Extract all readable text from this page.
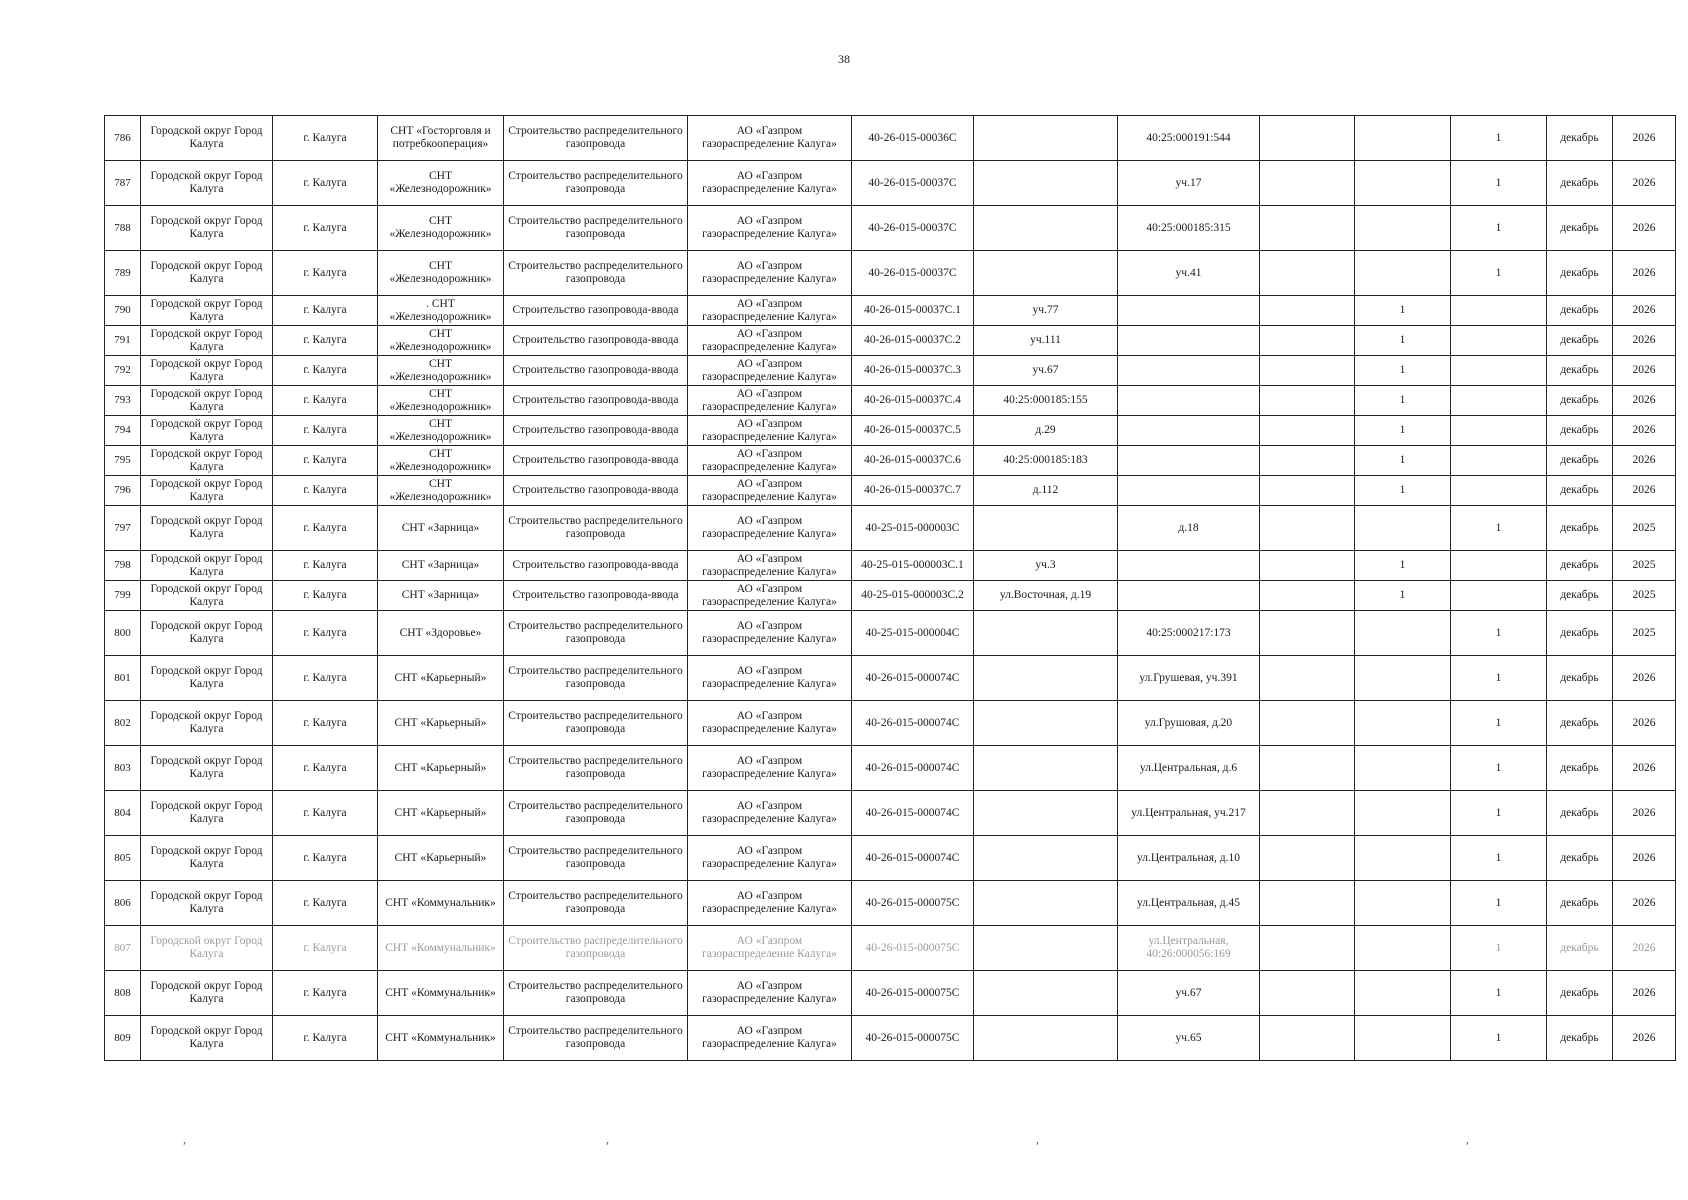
38
786	Городской округ Город Калуга	г. Калуга	СНТ «Госторговля и потребкооперация»	Строительство распределительного газопровода	АО «Газпром газораспределение Калуга»	40-26-015-00036С		40:25:000191:544			1	декабрь	2026	
787	Городской округ Город Калуга	г. Калуга	СНТ «Железнодорожник»	Строительство распределительного газопровода	АО «Газпром газораспределение Калуга»	40-26-015-00037С		уч.17			1	декабрь	2026	
788	Городской округ Город Калуга	г. Калуга	СНТ «Железнодорожник»	Строительство распределительного газопровода	АО «Газпром газораспределение Калуга»	40-26-015-00037С		40:25:000185:315			1	декабрь	2026	
789	Городской округ Город Калуга	г. Калуга	СНТ «Железнодорожник»	Строительство распределительного газопровода	АО «Газпром газораспределение Калуга»	40-26-015-00037С		уч.41			1	декабрь	2026	
790	Городской округ Город Калуга	г. Калуга	. СНТ «Железнодорожник»	Строительство газопровода-ввода	АО «Газпром газораспределение Калуга»	40-26-015-00037С.1	уч.77			1		декабрь	2026	
791	Городской округ Город Калуга	г. Калуга	СНТ «Железнодорожник»	Строительство газопровода-ввода	АО «Газпром газораспределение Калуга»	40-26-015-00037С.2	уч.111			1		декабрь	2026	
792	Городской округ Город Калуга	г. Калуга	СНТ «Железнодорожник»	Строительство газопровода-ввода	АО «Газпром газораспределение Калуга»	40-26-015-00037С.3	уч.67			1		декабрь	2026	
793	Городской округ Город Калуга	г. Калуга	СНТ «Железнодорожник»	Строительство газопровода-ввода	АО «Газпром газораспределение Калуга»	40-26-015-00037С.4	40:25:000185:155			1		декабрь	2026	
794	Городской округ Город Калуга	г. Калуга	СНТ «Железнодорожник»	Строительство газопровода-ввода	АО «Газпром газораспределение Калуга»	40-26-015-00037С.5	д.29			1		декабрь	2026	
795	Городской округ Город Калуга	г. Калуга	СНТ «Железнодорожник»	Строительство газопровода-ввода	АО «Газпром газораспределение Калуга»	40-26-015-00037С.6	40:25:000185:183			1		декабрь	2026	
796	Городской округ Город Калуга	г. Калуга	СНТ «Железнодорожник»	Строительство газопровода-ввода	АО «Газпром газораспределение Калуга»	40-26-015-00037С.7	д.112			1		декабрь	2026	
797	Городской округ Город Калуга	г. Калуга	СНТ «Зарница»	Строительство распределительного газопровода	АО «Газпром газораспределение Калуга»	40-25-015-000003С		д.18			1	декабрь	2025	
798	Городской округ Город Калуга	г. Калуга	СНТ «Зарница»	Строительство газопровода-ввода	АО «Газпром газораспределение Калуга»	40-25-015-000003С.1	уч.3			1		декабрь	2025	
799	Городской округ Город Калуга	г. Калуга	СНТ «Зарница»	Строительство газопровода-ввода	АО «Газпром газораспределение Калуга»	40-25-015-000003С.2	ул.Восточная, д.19			1		декабрь	2025	
800	Городской округ Город Калуга	г. Калуга	СНТ «Здоровье»	Строительство распределительного газопровода	АО «Газпром газораспределение Калуга»	40-25-015-000004С		40:25:000217:173			1	декабрь	2025	
801	Городской округ Город Калуга	г. Калуга	СНТ «Карьерный»	Строительство распределительного газопровода	АО «Газпром газораспределение Калуга»	40-26-015-000074С		ул.Грушевая, уч.391			1	декабрь	2026	
802	Городской округ Город Калуга	г. Калуга	СНТ «Карьерный»	Строительство распределительного газопровода	АО «Газпром газораспределение Калуга»	40-26-015-000074С		ул.Грушовая, д.20			1	декабрь	2026	
803	Городской округ Город Калуга	г. Калуга	СНТ «Карьерный»	Строительство распределительного газопровода	АО «Газпром газораспределение Калуга»	40-26-015-000074С		ул.Центральная, д.6			1	декабрь	2026	
804	Городской округ Город Калуга	г. Калуга	СНТ «Карьерный»	Строительство распределительного газопровода	АО «Газпром газораспределение Калуга»	40-26-015-000074С		ул.Центральная, уч.217			1	декабрь	2026	
805	Городской округ Город Калуга	г. Калуга	СНТ «Карьерный»	Строительство распределительного газопровода	АО «Газпром газораспределение Калуга»	40-26-015-000074С		ул.Центральная, д.10			1	декабрь	2026	
806	Городской округ Город Калуга	г. Калуга	СНТ «Коммунальник»	Строительство распределительного газопровода	АО «Газпром газораспределение Калуга»	40-26-015-000075С		ул.Центральная, д.45			1	декабрь	2026	
807	Городской округ Город Калуга	г. Калуга	СНТ «Коммунальник»	Строительство распределительного газопровода	АО «Газпром газораспределение Калуга»	40-26-015-000075С		ул.Центральная, 40:26:000056:169			1	декабрь	2026	
808	Городской округ Город Калуга	г. Калуга	СНТ «Коммунальник»	Строительство распределительного газопровода	АО «Газпром газораспределение Калуга»	40-26-015-000075С		уч.67			1	декабрь	2026	
809	Городской округ Город Калуга	г. Калуга	СНТ «Коммунальник»	Строительство распределительного газопровода	АО «Газпром газораспределение Калуга»	40-26-015-000075С		уч.65			1	декабрь	2026	
,	,	,	,
